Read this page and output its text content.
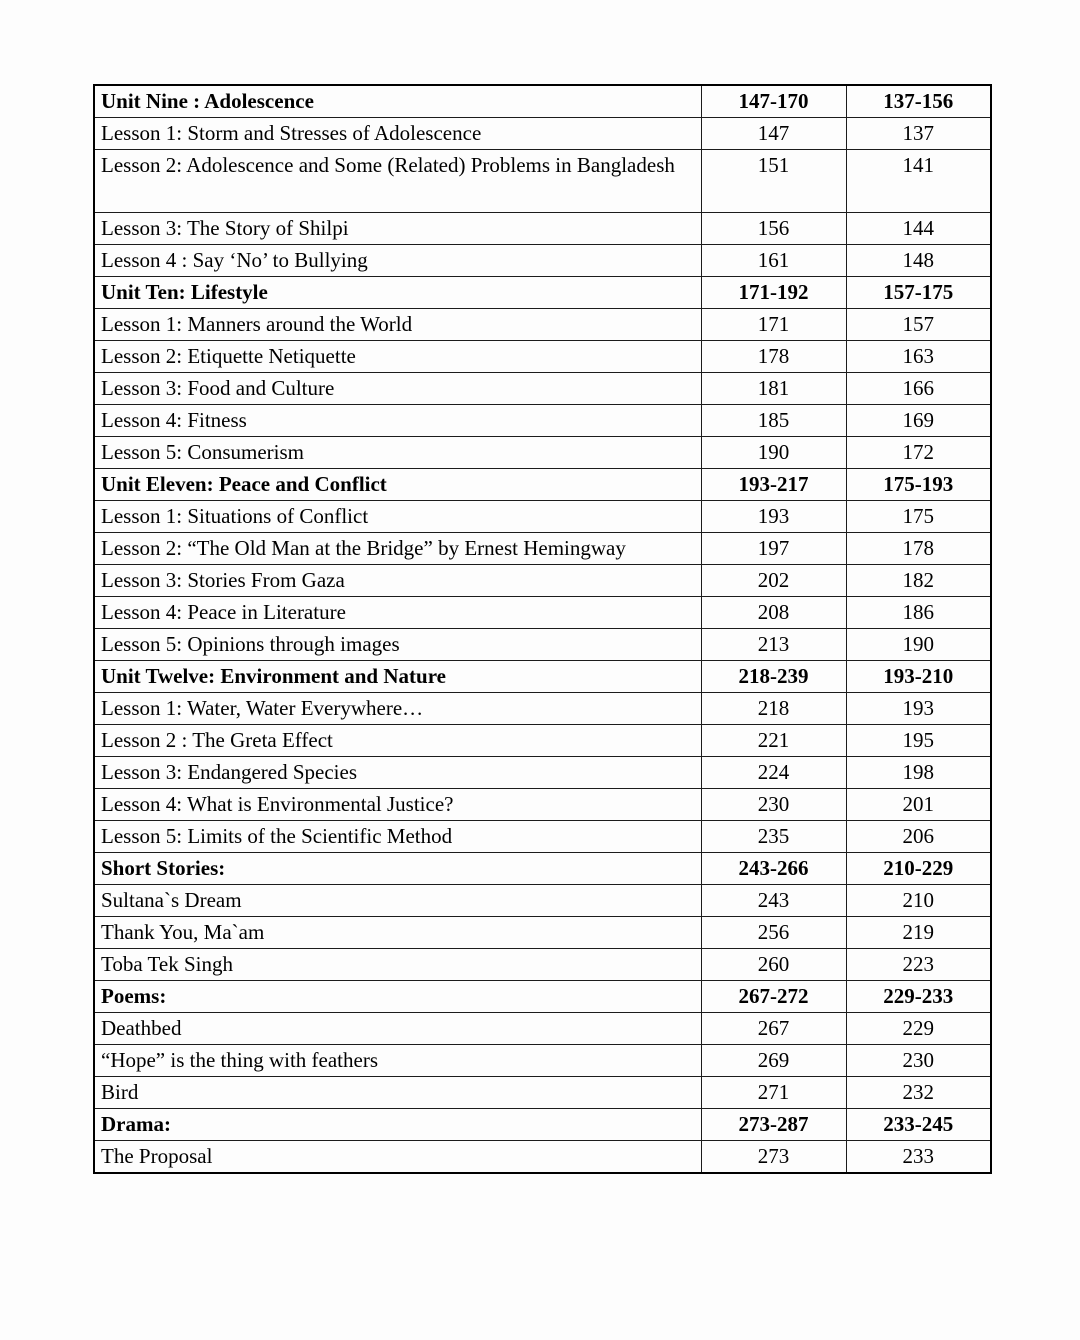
Unit Nine : Adolescence	147-170	137-156
Lesson 1: Storm and Stresses of Adolescence	147	137
Lesson 2: Adolescence and Some (Related) Problems in Bangladesh	151	141
Lesson 3: The Story of Shilpi	156	144
Lesson 4 : Say ‘No’ to Bullying	161	148
Unit Ten: Lifestyle	171-192	157-175
Lesson 1: Manners around the World	171	157
Lesson 2: Etiquette Netiquette	178	163
Lesson 3: Food and Culture	181	166
Lesson 4: Fitness	185	169
Lesson 5: Consumerism	190	172
Unit Eleven: Peace and Conflict	193-217	175-193
Lesson 1: Situations of Conflict	193	175
Lesson 2: “The Old Man at the Bridge” by Ernest Hemingway	197	178
Lesson 3: Stories From Gaza	202	182
Lesson 4: Peace in Literature	208	186
Lesson 5: Opinions through images	213	190
Unit Twelve: Environment and Nature	218-239	193-210
Lesson 1: Water, Water Everywhere…	218	193
Lesson 2 : The Greta Effect	221	195
Lesson 3: Endangered Species	224	198
Lesson 4: What is Environmental Justice?	230	201
Lesson 5: Limits of the Scientific Method	235	206
Short Stories:	243-266	210-229
Sultana`s Dream	243	210
Thank You, Ma`am	256	219
Toba Tek Singh	260	223
Poems:	267-272	229-233
Deathbed	267	229
“Hope” is the thing with feathers	269	230
Bird	271	232
Drama:	273-287	233-245
The Proposal	273	233
